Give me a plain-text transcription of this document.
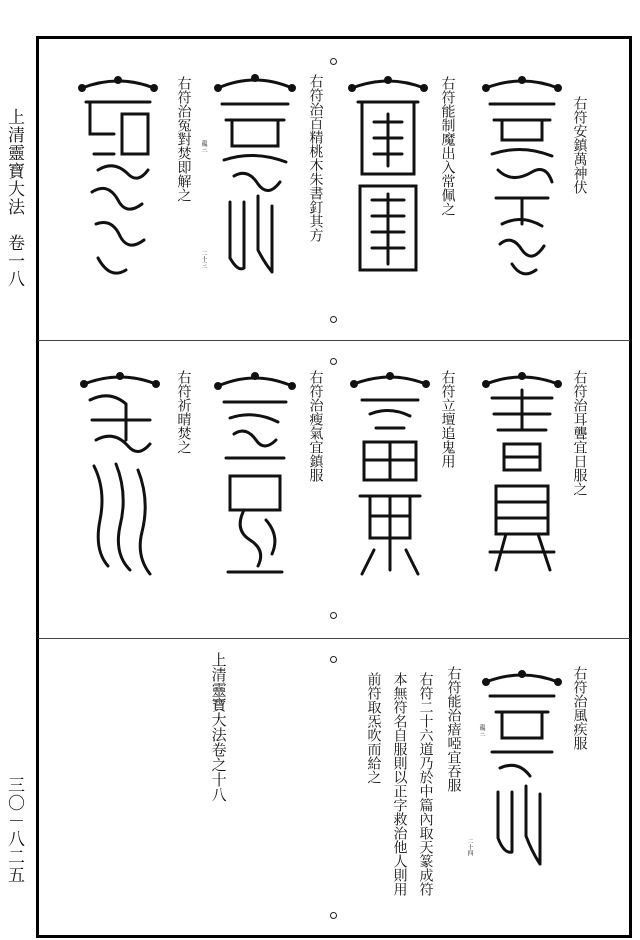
上清靈寶大法　卷一八
三〇－八二五
右符安鎮萬神伏
右符能制魔出入常佩之
右符治百精桃木朱書釘其方
龍三
二十三
右符治冤對焚即解之
右符治耳聾宜日服之
右符立壇追鬼用
右符治瘦氣宜鎮服
右符祈晴焚之
右符治風疾服
二十四
右符能治瘖啞宜吞服	龍三
右符二十六道乃於中篇內取天篆成符
本無符名自服則以正字救治他人則用
前符取炁吹而給之
上清靈寶大法卷之十八
